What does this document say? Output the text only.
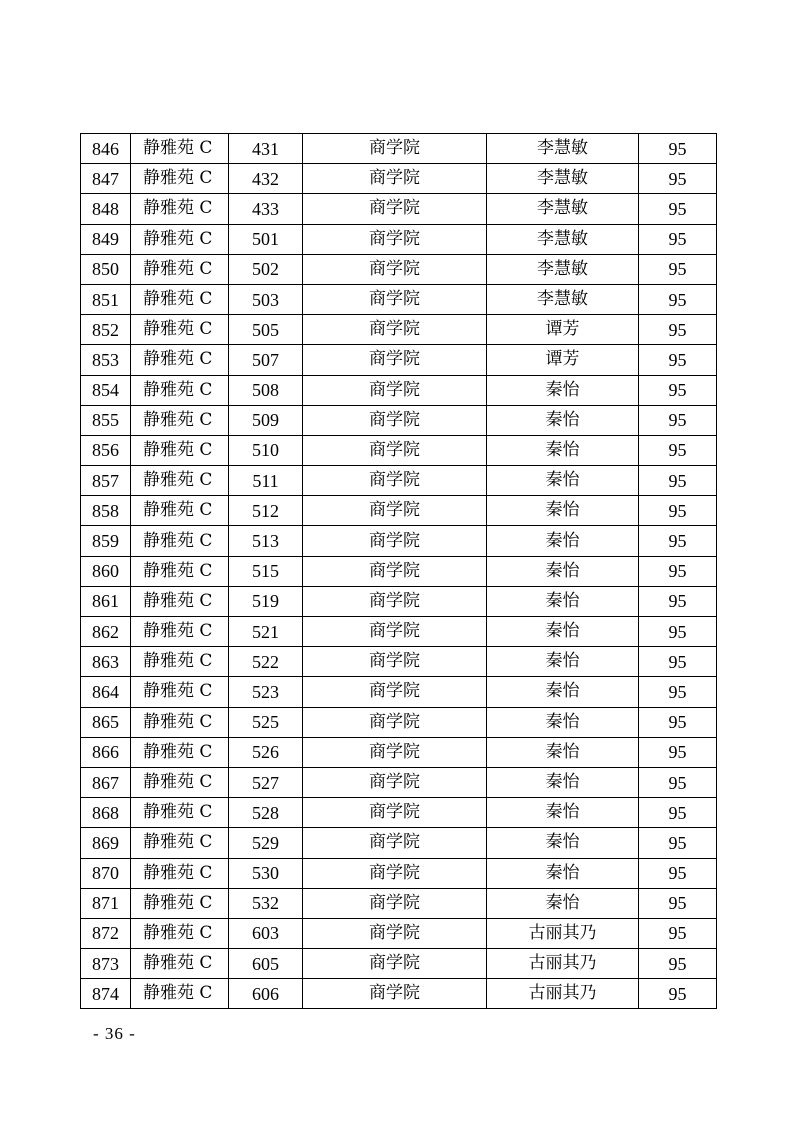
846	静雅苑 C	431	商学院	李慧敏	95
847	静雅苑 C	432	商学院	李慧敏	95
848	静雅苑 C	433	商学院	李慧敏	95
849	静雅苑 C	501	商学院	李慧敏	95
850	静雅苑 C	502	商学院	李慧敏	95
851	静雅苑 C	503	商学院	李慧敏	95
852	静雅苑 C	505	商学院	谭芳	95
853	静雅苑 C	507	商学院	谭芳	95
854	静雅苑 C	508	商学院	秦怡	95
855	静雅苑 C	509	商学院	秦怡	95
856	静雅苑 C	510	商学院	秦怡	95
857	静雅苑 C	511	商学院	秦怡	95
858	静雅苑 C	512	商学院	秦怡	95
859	静雅苑 C	513	商学院	秦怡	95
860	静雅苑 C	515	商学院	秦怡	95
861	静雅苑 C	519	商学院	秦怡	95
862	静雅苑 C	521	商学院	秦怡	95
863	静雅苑 C	522	商学院	秦怡	95
864	静雅苑 C	523	商学院	秦怡	95
865	静雅苑 C	525	商学院	秦怡	95
866	静雅苑 C	526	商学院	秦怡	95
867	静雅苑 C	527	商学院	秦怡	95
868	静雅苑 C	528	商学院	秦怡	95
869	静雅苑 C	529	商学院	秦怡	95
870	静雅苑 C	530	商学院	秦怡	95
871	静雅苑 C	532	商学院	秦怡	95
872	静雅苑 C	603	商学院	古丽其乃	95
873	静雅苑 C	605	商学院	古丽其乃	95
874	静雅苑 C	606	商学院	古丽其乃	95
- 36 -
